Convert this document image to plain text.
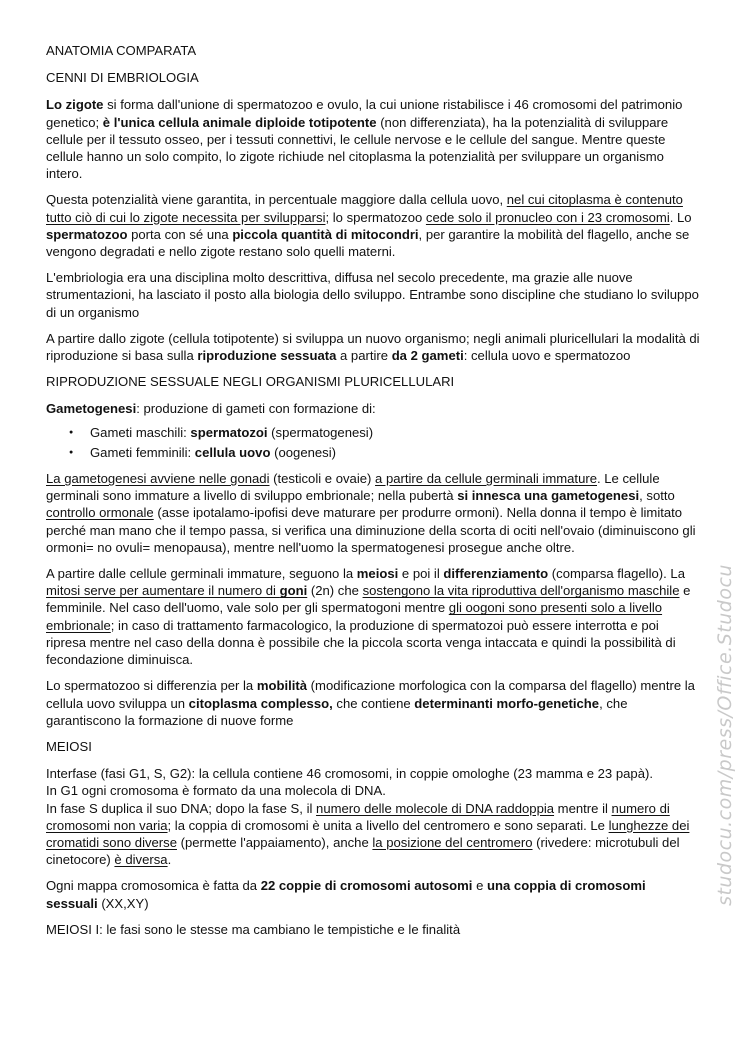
studocu.com/press/Office.Studocu

ANATOMIA COMPARATA

CENNI DI EMBRIOLOGIA

Lo zigote si forma dall'unione di spermatozoo e ovulo, la cui unione ristabilisce i 46 cromosomi del patrimonio genetico; è l'unica cellula animale diploide totipotente (non differenziata), ha la potenzialità di sviluppare cellule per il tessuto osseo, per i tessuti connettivi, le cellule nervose e le cellule del sangue. Mentre queste cellule hanno un solo compito, lo zigote richiude nel citoplasma la potenzialità per sviluppare un organismo intero.

Questa potenzialità viene garantita, in percentuale maggiore dalla cellula uovo, nel cui citoplasma è contenuto tutto ciò di cui lo zigote necessita per svilupparsi; lo spermatozoo cede solo il pronucleo con i 23 cromosomi. Lo spermatozoo porta con sé una piccola quantità di mitocondri, per garantire la mobilità del flagello, anche se vengono degradati e nello zigote restano solo quelli materni.

L'embriologia era una disciplina molto descrittiva, diffusa nel secolo precedente, ma grazie alle nuove strumentazioni, ha lasciato il posto alla biologia dello sviluppo. Entrambe sono discipline che studiano lo sviluppo di un organismo

A partire dallo zigote (cellula totipotente) si sviluppa un nuovo organismo; negli animali pluricellulari la modalità di riproduzione si basa sulla riproduzione sessuata a partire da 2 gameti: cellula uovo e spermatozoo

RIPRODUZIONE SESSUALE NEGLI ORGANISMI PLURICELLULARI

Gametogenesi: produzione di gameti con formazione di:

● Gameti maschili: spermatozoi (spermatogenesi)
● Gameti femminili: cellula uovo (oogenesi)

La gametogenesi avviene nelle gonadi (testicoli e ovaie) a partire da cellule germinali immature. Le cellule germinali sono immature a livello di sviluppo embrionale; nella pubertà si innesca una gametogenesi, sotto controllo ormonale (asse ipotalamo-ipofisi deve maturare per produrre ormoni). Nella donna il tempo è limitato perché man mano che il tempo passa, si verifica una diminuzione della scorta di ociti nell'ovaio (diminuiscono gli ormoni= no ovuli= menopausa), mentre nell'uomo la spermatogenesi prosegue anche oltre.

A partire dalle cellule germinali immature, seguono la meiosi e poi il differenziamento (comparsa flagello). La mitosi serve per aumentare il numero di goni (2n) che sostengono la vita riproduttiva dell'organismo maschile e femminile. Nel caso dell'uomo, vale solo per gli spermatogoni mentre gli oogoni sono presenti solo a livello embrionale; in caso di trattamento farmacologico, la produzione di spermatozoi può essere interrotta e poi ripresa mentre nel caso della donna è possibile che la piccola scorta venga intaccata e quindi la possibilità di fecondazione diminuisca.

Lo spermatozoo si differenzia per la mobilità (modificazione morfologica con la comparsa del flagello) mentre la cellula uovo sviluppa un citoplasma complesso, che contiene determinanti morfo-genetiche, che garantiscono la formazione di nuove forme

MEIOSI

Interfase (fasi G1, S, G2): la cellula contiene 46 cromosomi, in coppie omologhe (23 mamma e 23 papà).
In G1 ogni cromosoma è formato da una molecola di DNA.
In fase S duplica il suo DNA; dopo la fase S, il numero delle molecole di DNA raddoppia mentre il numero di cromosomi non varia; la coppia di cromosomi è unita a livello del centromero e sono separati. Le lunghezze dei cromatidi sono diverse (permette l'appaiamento), anche la posizione del centromero (rivedere: microtubuli del cinetocore) è diversa.

Ogni mappa cromosomica è fatta da 22 coppie di cromosomi autosomi e una coppia di cromosomi sessuali (XX,XY)

MEIOSI I: le fasi sono le stesse ma cambiano le tempistiche e le finalità
